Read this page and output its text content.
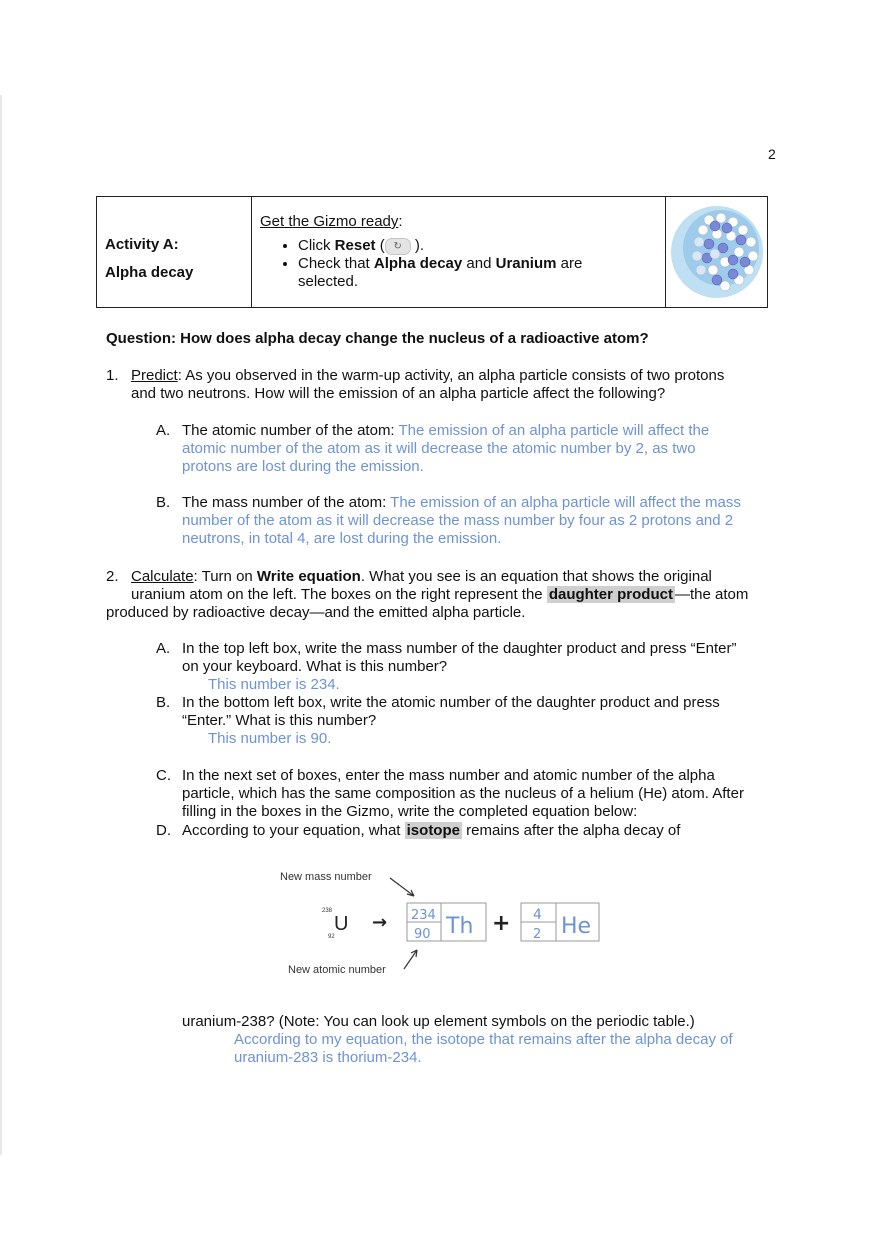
2
Activity A:
Alpha decay
Get the Gizmo ready:
• Click Reset ( ↻ ).
• Check that Alpha decay and Uranium are
selected.
Question: How does alpha decay change the nucleus of a radioactive atom?
1. Predict: As you observed in the warm-up activity, an alpha particle consists of two protons
and two neutrons. How will the emission of an alpha particle affect the following?
A. The atomic number of the atom: The emission of an alpha particle will affect the
atomic number of the atom as it will decrease the atomic number by 2, as two
protons are lost during the emission.
B. The mass number of the atom: The emission of an alpha particle will affect the mass
number of the atom as it will decrease the mass number by four as 2 protons and 2
neutrons, in total 4, are lost during the emission.
2. Calculate: Turn on Write equation. What you see is an equation that shows the original
uranium atom on the left. The boxes on the right represent the daughter product —the atom

produced by radioactive decay—and the emitted alpha particle.
A. In the top left box, write the mass number of the daughter product and press “Enter”
on your keyboard. What is this number?
This number is 234.
B. In the bottom left box, write the atomic number of the daughter product and press
“Enter.” What is this number?
This number is 90.
C. In the next set of boxes, enter the mass number and atomic number of the alpha
particle, which has the same composition as the nucleus of a helium (He) atom. After
filling in the boxes in the Gizmo, write the completed equation below:
D. According to your equation, what isotope remains after the alpha decay of
New mass number
238
92
U → 234
90 Th + 4
2 He
New atomic number
uranium-238? (Note: You can look up element symbols on the periodic table.)

According to my equation, the isotope that remains after the alpha decay of
uranium-283 is thorium-234.
